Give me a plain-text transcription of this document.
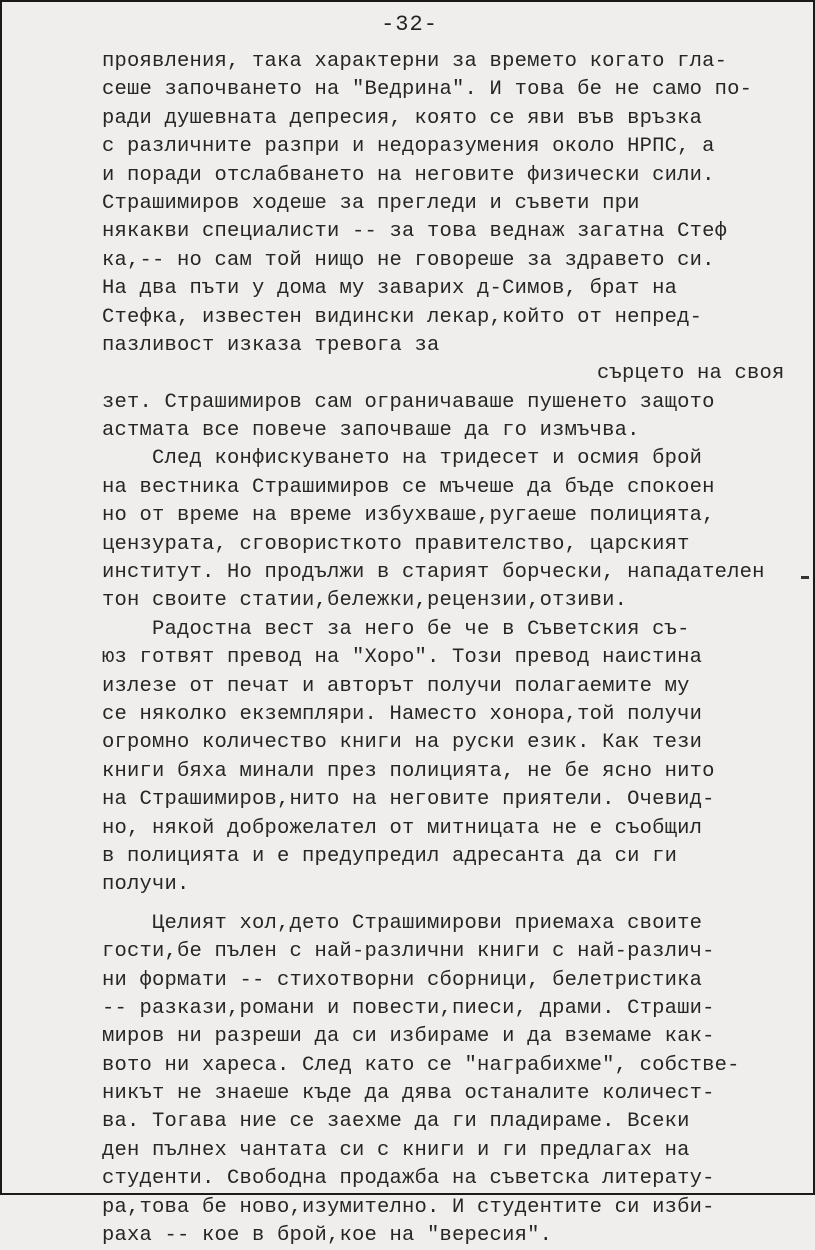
-32-
проявления, така характерни за времето когато гла-
сеше започването на "Ведрина". И това бе не само по-
ради душевната депресия, която се яви във връзка
с различните разпри и недоразумения около НРПС, а
и поради отслабването на неговите физически сили.
Страшимиров ходеше за прегледи и съвети при
някакви специалисти -- за това веднаж загатна Стеф
ка,-- но сам той нищо не говореше за здравето си.
На два пъти у дома му заварих д-Симов, брат на
Стефка, известен видински лекар,който от непред-
пазливост изказа тревога за
сърцето на своя
зет. Страшимиров сам ограничаваше пушенето защото
астмата все повече започваше да го измъчва.
След конфискуването на тридесет и осмия брой
на вестника Страшимиров се мъчеше да бъде спокоен
но от време на време избухваше,ругаеше полицията,
цензурата, сговористкото правителство, царският
институт. Но продължи в старият борчески, нападателен тон своите статии,бележки,рецензии,отзиви.
Радостна вест за него бе че в Съветския съ-
юз готвят превод на "Хоро". Този превод наистина
излезе от печат и авторът получи полагаемите му
се няколко екземпляри. Наместо хонора,той получи
огромно количество книги на руски език. Как тези
книги бяха минали през полицията, не бе ясно нито
на Страшимиров,нито на неговите приятели. Очевид-
но, някой доброжелател от митницата не е съобщил
в полицията и е предупредил адресанта да си ги
получи.
Целият хол,дето Страшимирови приемаха своите
гости,бе пълен с най-различни книги с най-различ-
ни формати -- стихотворни сборници, белетристика
-- разкази,романи и повести,пиеси, драми. Страши-
миров ни разреши да си избираме и да вземаме как-
вото ни хареса. След като се "награбихме", собстве-
никът не знаеше къде да дява останалите количест-
ва. Тогава ние се заехме да ги пладираме. Всеки
ден пълнех чантата си с книги и ги предлагах на
студенти. Свободна продажба на съветска литерату-
ра,това бе ново,изумително. И студентите си изби-
раха -- кое в брой,кое на "вересия".
